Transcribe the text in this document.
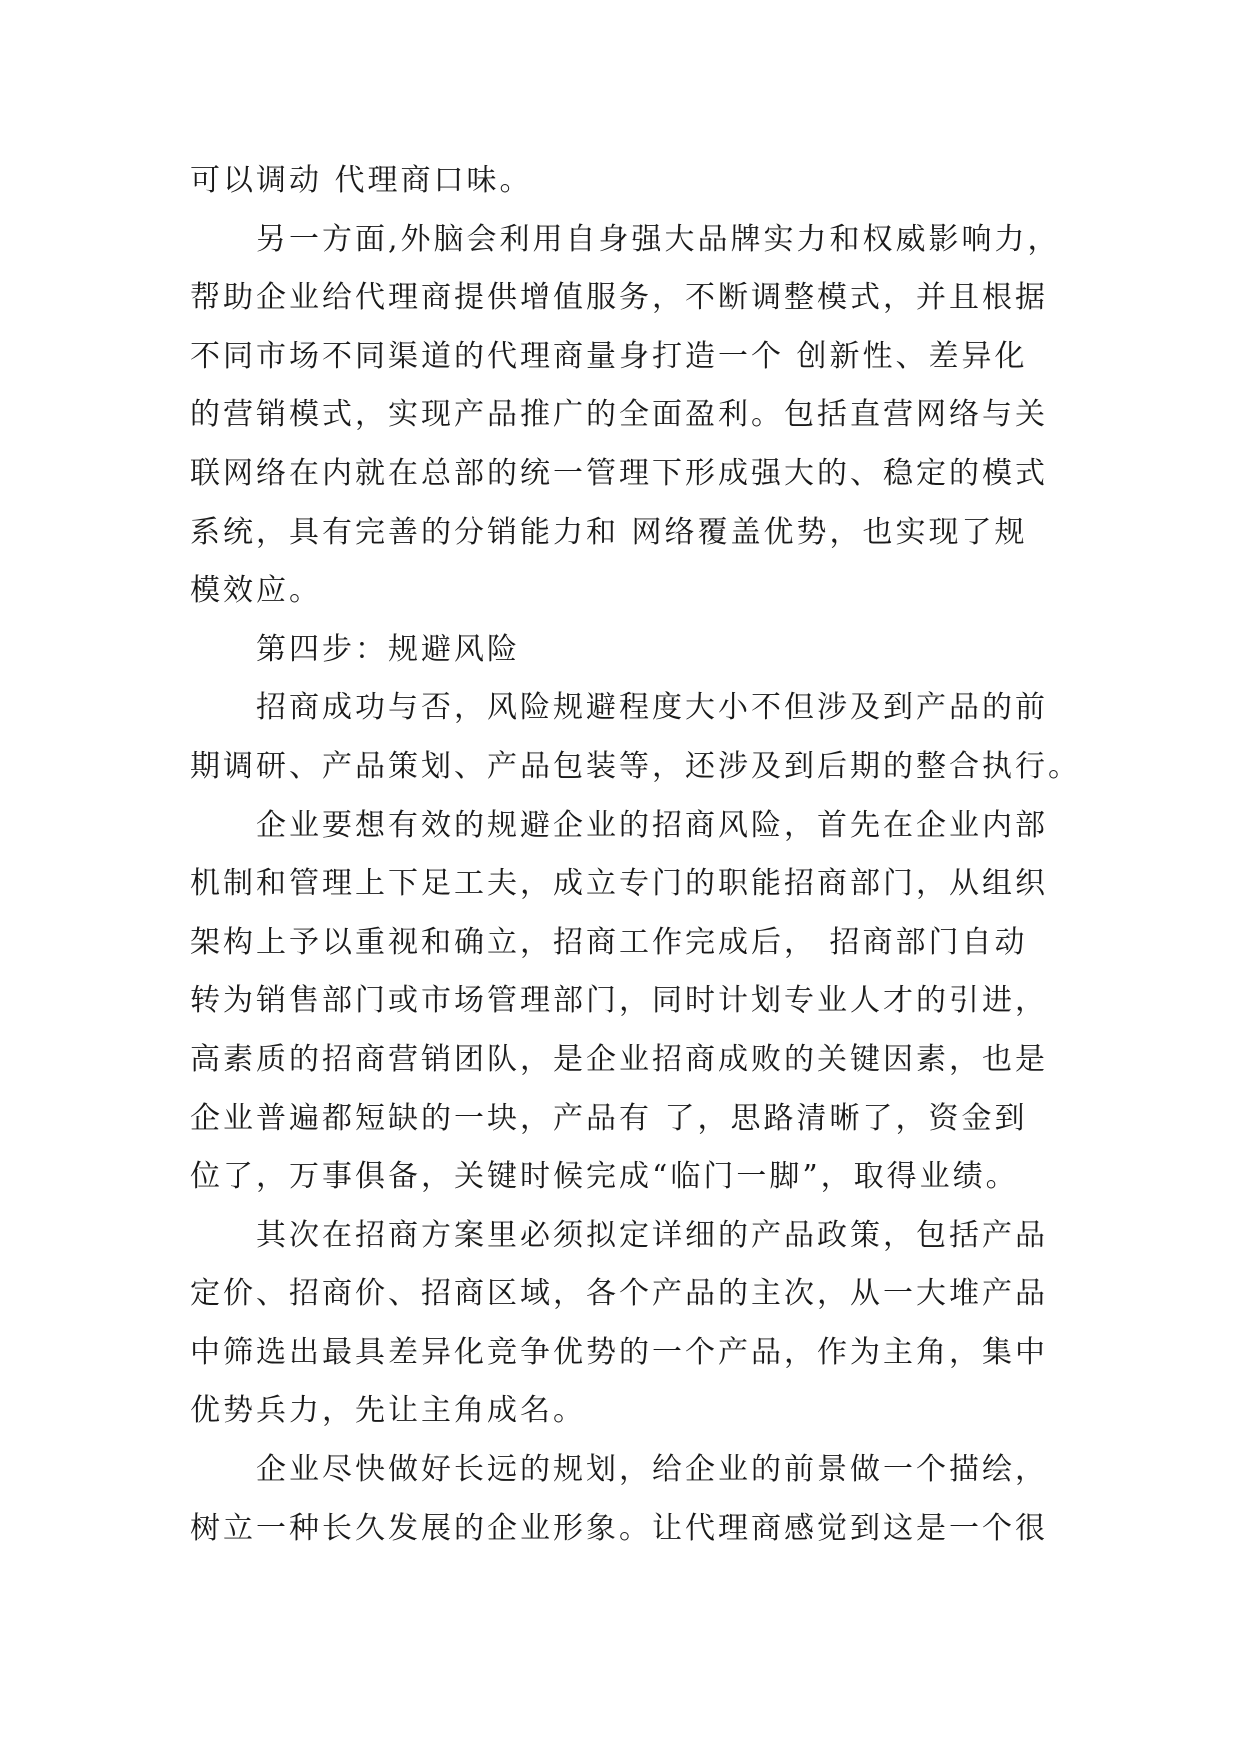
可以调动 代理商口味。
另一方面,外脑会利用自身强大品牌实力和权威影响力，
帮助企业给代理商提供增值服务，不断调整模式，并且根据
不同市场不同渠道的代理商量身打造一个 创新性、差异化
的营销模式，实现产品推广的全面盈利。包括直营网络与关
联网络在内就在总部的统一管理下形成强大的、稳定的模式
系统，具有完善的分销能力和 网络覆盖优势，也实现了规
模效应。
第四步：规避风险
招商成功与否，风险规避程度大小不但涉及到产品的前
期调研、产品策划、产品包装等，还涉及到后期的整合执行。
企业要想有效的规避企业的招商风险，首先在企业内部
机制和管理上下足工夫，成立专门的职能招商部门，从组织
架构上予以重视和确立，招商工作完成后， 招商部门自动
转为销售部门或市场管理部门，同时计划专业人才的引进，
高素质的招商营销团队，是企业招商成败的关键因素，也是
企业普遍都短缺的一块，产品有 了，思路清晰了，资金到
位了，万事俱备，关键时候完成“临门一脚”，取得业绩。
其次在招商方案里必须拟定详细的产品政策，包括产品
定价、招商价、招商区域，各个产品的主次，从一大堆产品
中筛选出最具差异化竞争优势的一个产品，作为主角，集中
优势兵力，先让主角成名。
企业尽快做好长远的规划，给企业的前景做一个描绘，
树立一种长久发展的企业形象。让代理商感觉到这是一个很
